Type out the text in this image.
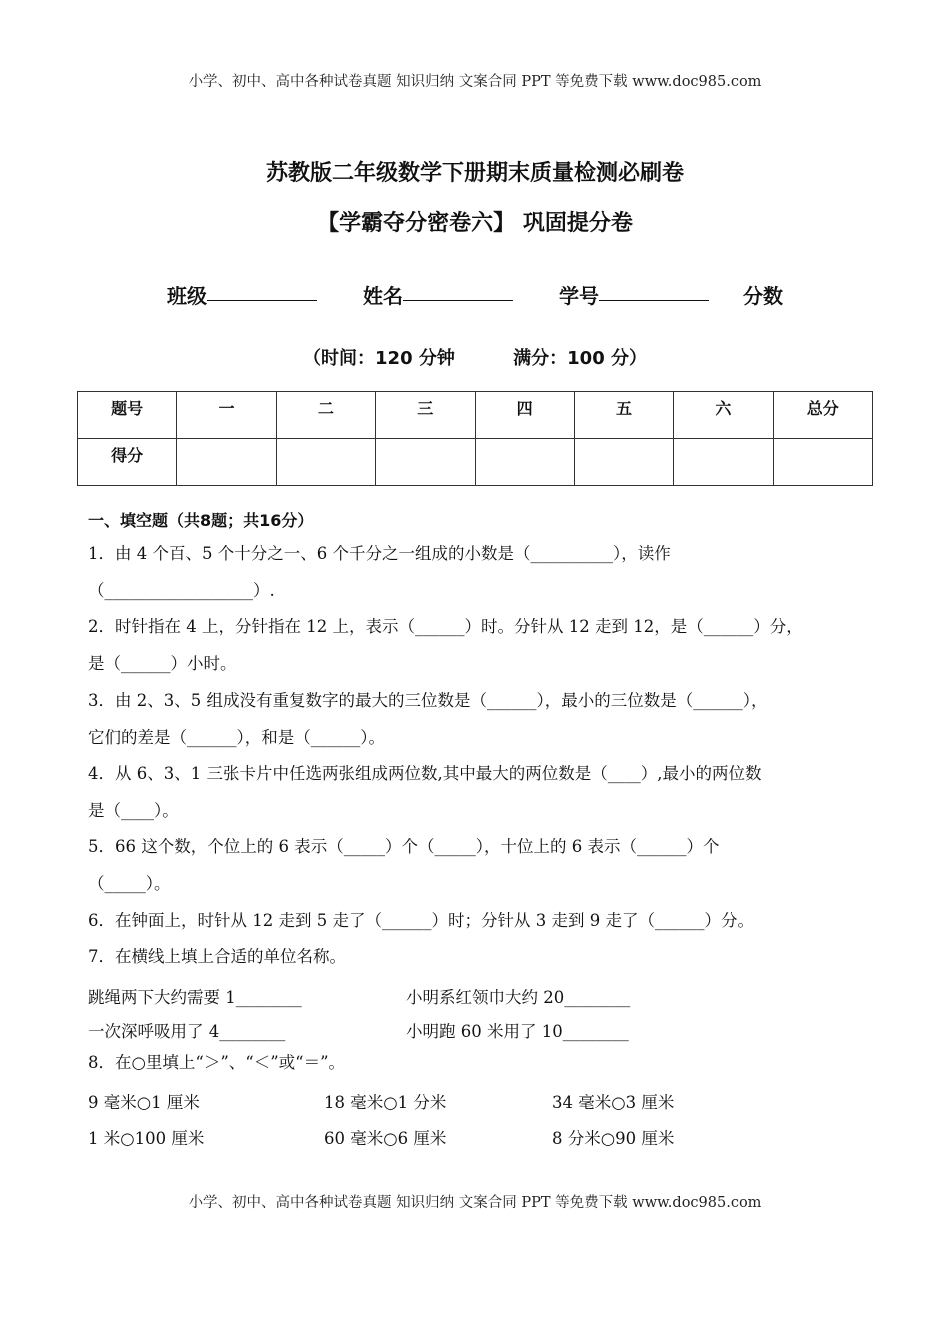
小学、初中、高中各种试卷真题 知识归纳 文案合同 PPT 等免费下载 www.doc985.com
苏教版二年级数学下册期末质量检测必刷卷
【学霸夺分密卷六】 巩固提分卷
班级	姓名	学号	分数
（时间：120 分钟	满分：100 分）
题号	一	二	三	四	五	六	总分
得分							
一、填空题（共8题；共16分）
1．由 4 个百、5 个十分之一、6 个千分之一组成的小数是（__________），读作
（__________________）.
2．时针指在 4 上，分针指在 12 上，表示（______）时。分针从 12 走到 12，是（______）分，
是（______）小时。
3．由 2、3、5 组成没有重复数字的最大的三位数是（______），最小的三位数是（______），
它们的差是（______），和是（______）。
4．从 6、3、1 三张卡片中任选两张组成两位数,其中最大的两位数是（____）,最小的两位数
是（____）。
5．66 这个数，个位上的 6 表示（_____）个（_____），十位上的 6 表示（______）个
（_____）。
6．在钟面上，时针从 12 走到 5 走了（______）时；分针从 3 走到 9 走了（______）分。
7．在横线上填上合适的单位名称。
跳绳两下大约需要 1________	小明系红领巾大约 20________
一次深呼吸用了 4________	小明跑 60 米用了 10________
8．在○里填上“＞”、“＜”或“＝”。
9 毫米○1 厘米	18 毫米○1 分米	34 毫米○3 厘米
1 米○100 厘米	60 毫米○6 厘米	8 分米○90 厘米
小学、初中、高中各种试卷真题 知识归纳 文案合同 PPT 等免费下载 www.doc985.com
